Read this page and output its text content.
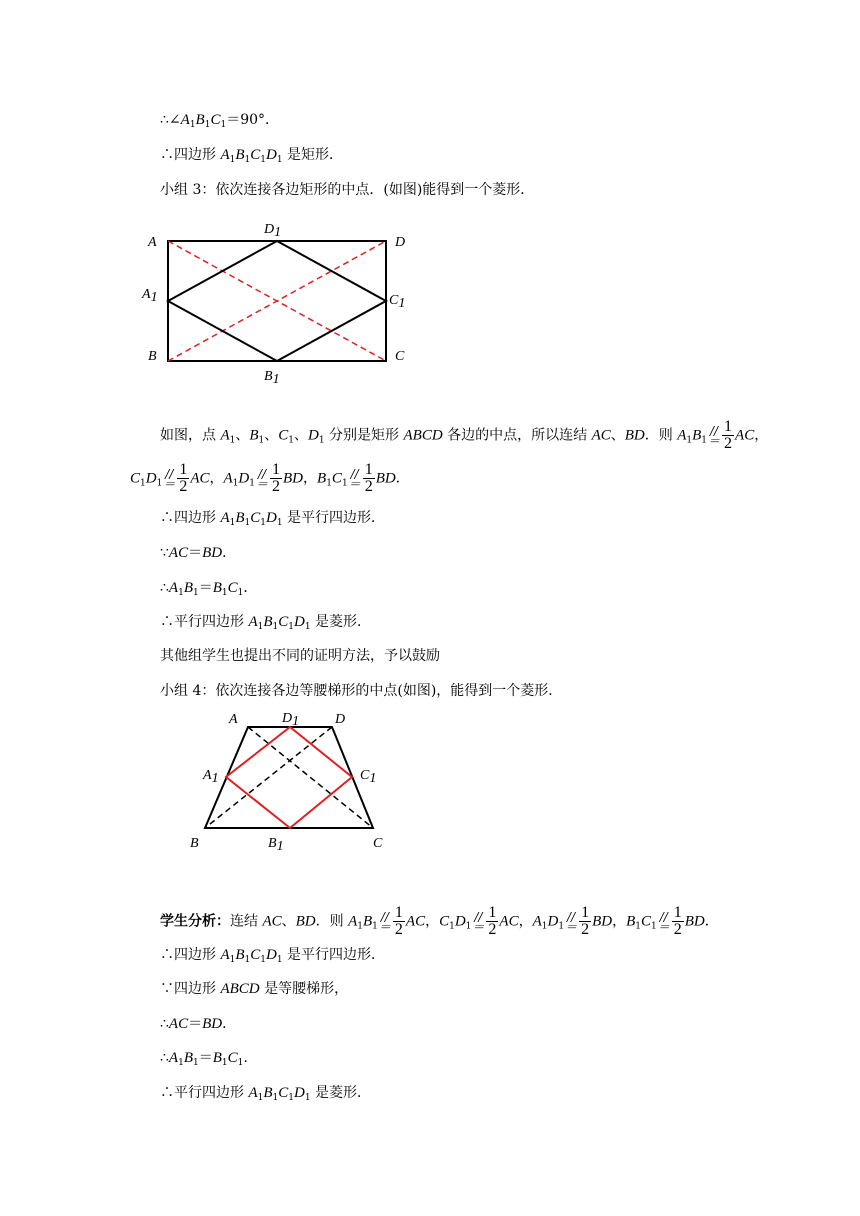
$\therefore\angle A_1B_1C_1=90^\circ$．
∴四边形 $A_1B_1C_1D_1$ 是矩形．
小组 3：依次连接各边矩形的中点．(如图)能得到一个菱形．
A	D
D1
A1	C1
B	C
B1
如图，点 $A_1$、$B_1$、$C_1$、$D_1$ 分别是矩形 ABCD 各边的中点，所以连结 AC、BD．则 $A_1B_1$
//
＝ $\frac{1}{2}$ AC，
$C_1D_1$
//
＝ $\frac{1}{2}$ AC，$A_1D_1$
//
＝ $\frac{1}{2}$ BD，$B_1C_1$
//
＝ $\frac{1}{2}$ BD．
∴四边形 $A_1B_1C_1D_1$ 是平行四边形．
∵AC＝BD．
$\therefore A_1B_1=B_1C_1$．
∴平行四边形 $A_1B_1C_1D_1$ 是菱形．
其他组学生也提出不同的证明方法，予以鼓励
小组 4：依次连接各边等腰梯形的中点(如图)，能得到一个菱形．
A	D1	D
A1	C1
B	B1	C
学生分析：连结 AC、BD．则 $A_1B_1$
//
＝ $\frac{1}{2}$ AC，$C_1D_1$
//
＝ $\frac{1}{2}$ AC，$A_1D_1$
//
＝ $\frac{1}{2}$ BD，$B_1C_1$
//
＝ $\frac{1}{2}$ BD．
∴四边形 $A_1B_1C_1D_1$ 是平行四边形．
∵四边形 ABCD 是等腰梯形，
∴AC＝BD．
$\therefore A_1B_1=B_1C_1$.
∴平行四边形 $A_1B_1C_1D_1$ 是菱形．
